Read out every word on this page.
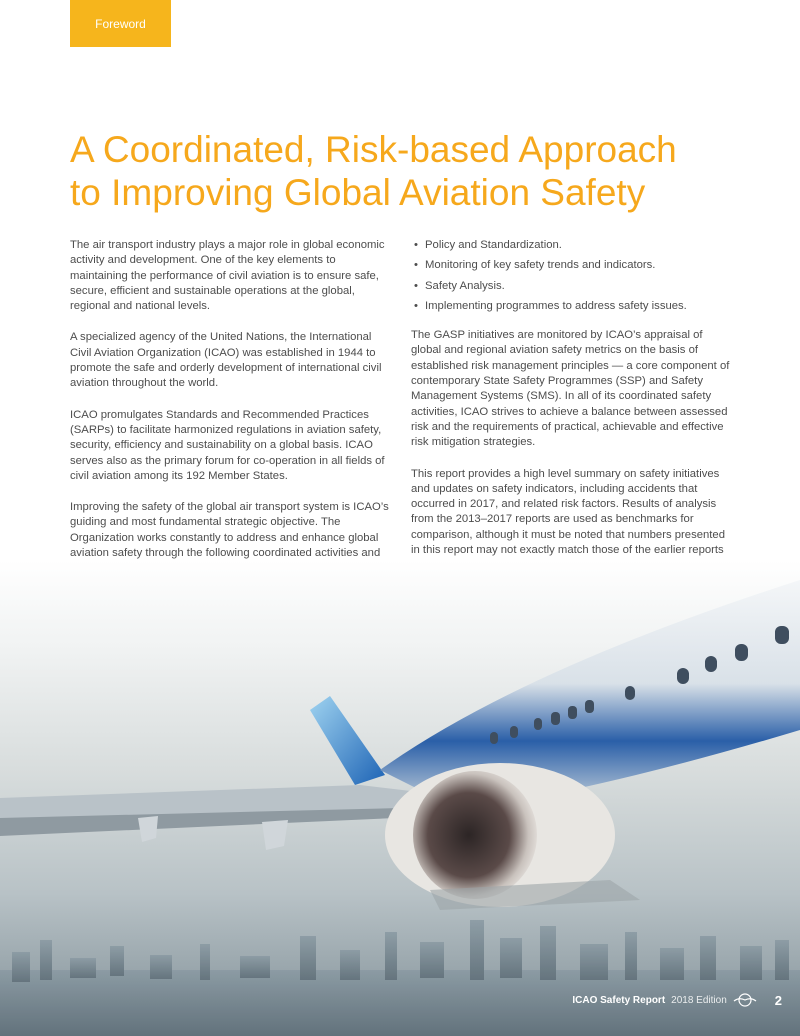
Foreword
A Coordinated, Risk-based Approach
to Improving Global Aviation Safety

The air transport industry plays a major role in global economic activity and development. One of the key elements to maintaining the performance of civil aviation is to ensure safe, secure, efficient and sustainable operations at the global, regional and national levels.

A specialized agency of the United Nations, the International Civil Aviation Organization (ICAO) was established in 1944 to promote the safe and orderly development of international civil aviation throughout the world.

ICAO promulgates Standards and Recommended Practices (SARPs) to facilitate harmonized regulations in aviation safety, security, efficiency and sustainability on a global basis. ICAO serves also as the primary forum for co-operation in all fields of civil aviation among its 192 Member States.

Improving the safety of the global air transport system is ICAO’s guiding and most fundamental strategic objective. The Organization works constantly to address and enhance global aviation safety through the following coordinated activities and

• Policy and Standardization.
• Monitoring of key safety trends and indicators.
• Safety Analysis.
• Implementing programmes to address safety issues.

The GASP initiatives are monitored by ICAO’s appraisal of global and regional aviation safety metrics on the basis of established risk management principles — a core component of contemporary State Safety Programmes (SSP) and Safety Management Systems (SMS). In all of its coordinated safety activities, ICAO strives to achieve a balance between assessed risk and the requirements of practical, achievable and effective risk mitigation strategies.

This report provides a high level summary on safety initiatives and updates on safety indicators, including accidents that occurred in 2017, and related risk factors. Results of analysis from the 2013–2017 reports are used as benchmarks for comparison, although it must be noted that numbers presented in this report may not exactly match those of the earlier reports

ICAO Safety Report 2018 Edition	2
